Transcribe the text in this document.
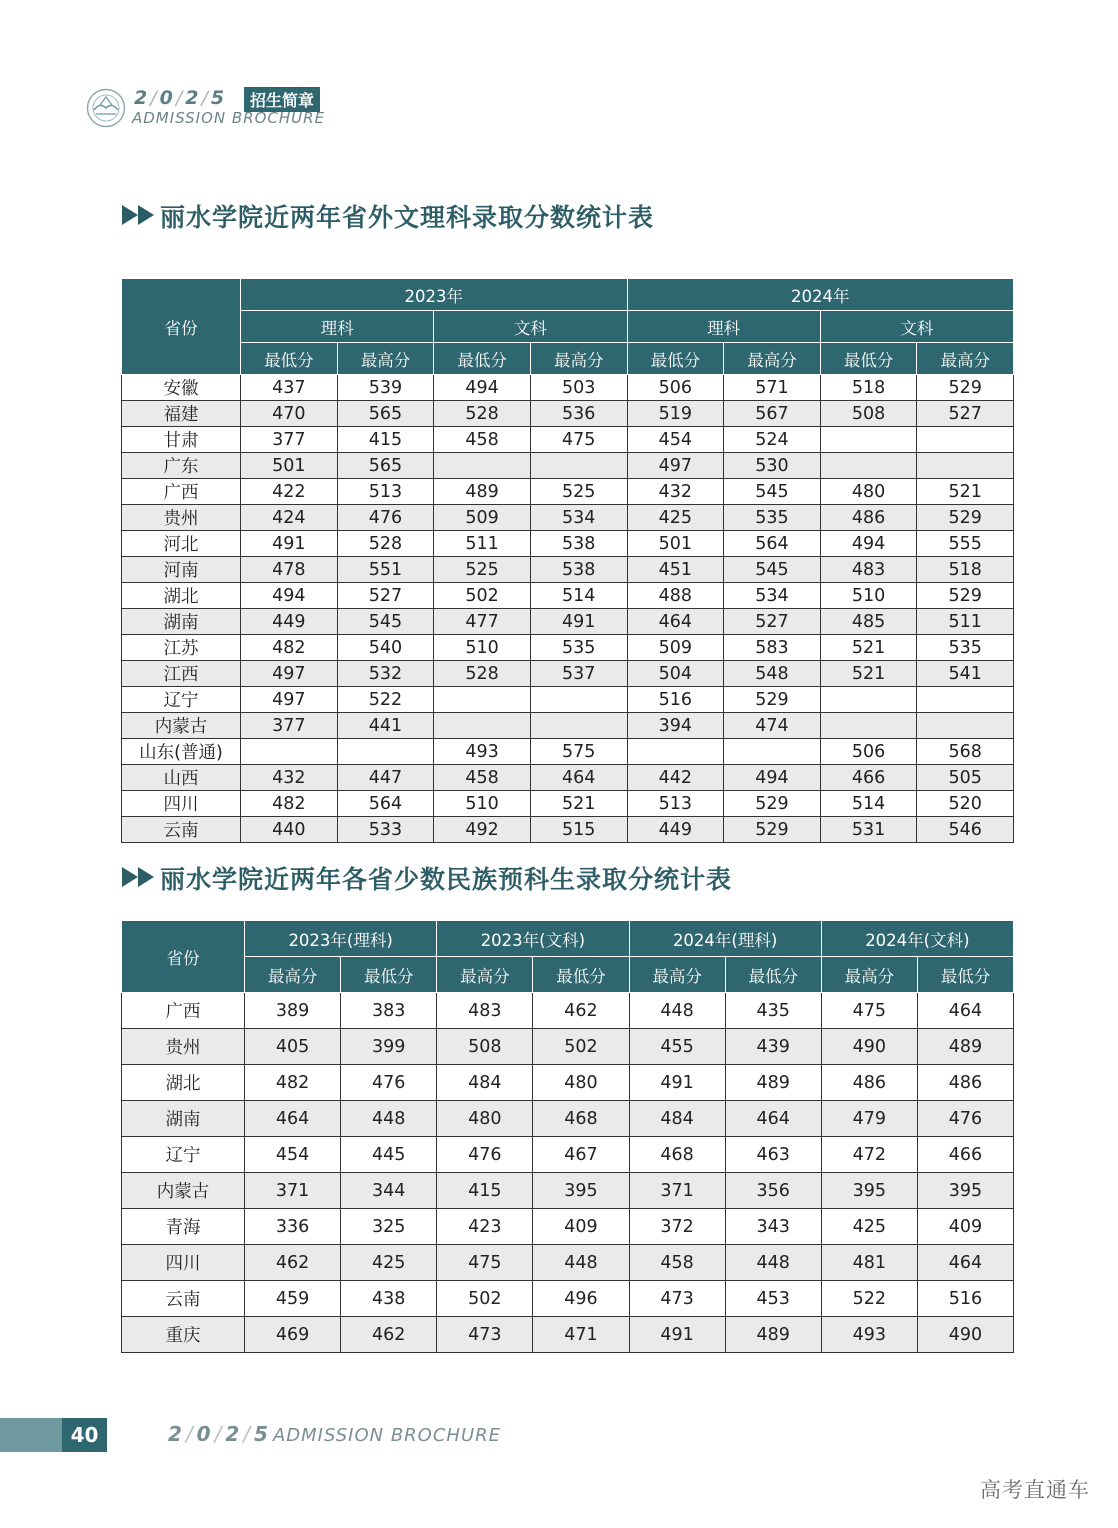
2 / 0 / 2 / 5	招生简章
ADMISSION BROCHURE
丽水学院近两年省外文理科录取分数统计表
省份	2023年				2024年			
	理科		文科		理科		文科	
	最低分	最高分	最低分	最高分	最低分	最高分	最低分	最高分
安徽	437	539	494	503	506	571	518	529
福建	470	565	528	536	519	567	508	527
甘肃	377	415	458	475	454	524		
广东	501	565			497	530		
广西	422	513	489	525	432	545	480	521
贵州	424	476	509	534	425	535	486	529
河北	491	528	511	538	501	564	494	555
河南	478	551	525	538	451	545	483	518
湖北	494	527	502	514	488	534	510	529
湖南	449	545	477	491	464	527	485	511
江苏	482	540	510	535	509	583	521	535
江西	497	532	528	537	504	548	521	541
辽宁	497	522			516	529		
内蒙古	377	441			394	474		
山东(普通)			493	575			506	568
山西	432	447	458	464	442	494	466	505
四川	482	564	510	521	513	529	514	520
云南	440	533	492	515	449	529	531	546
丽水学院近两年各省少数民族预科生录取分统计表
省份	2023年(理科)		2023年(文科)		2024年(理科)		2024年(文科)	
	最高分	最低分	最高分	最低分	最高分	最低分	最高分	最低分
广西	389	383	483	462	448	435	475	464
贵州	405	399	508	502	455	439	490	489
湖北	482	476	484	480	491	489	486	486
湖南	464	448	480	468	484	464	479	476
辽宁	454	445	476	467	468	463	472	466
内蒙古	371	344	415	395	371	356	395	395
青海	336	325	423	409	372	343	425	409
四川	462	425	475	448	458	448	481	464
云南	459	438	502	496	473	453	522	516
重庆	469	462	473	471	491	489	493	490
40	2 / 0 / 2 / 5 ADMISSION BROCHURE
高考直通车
